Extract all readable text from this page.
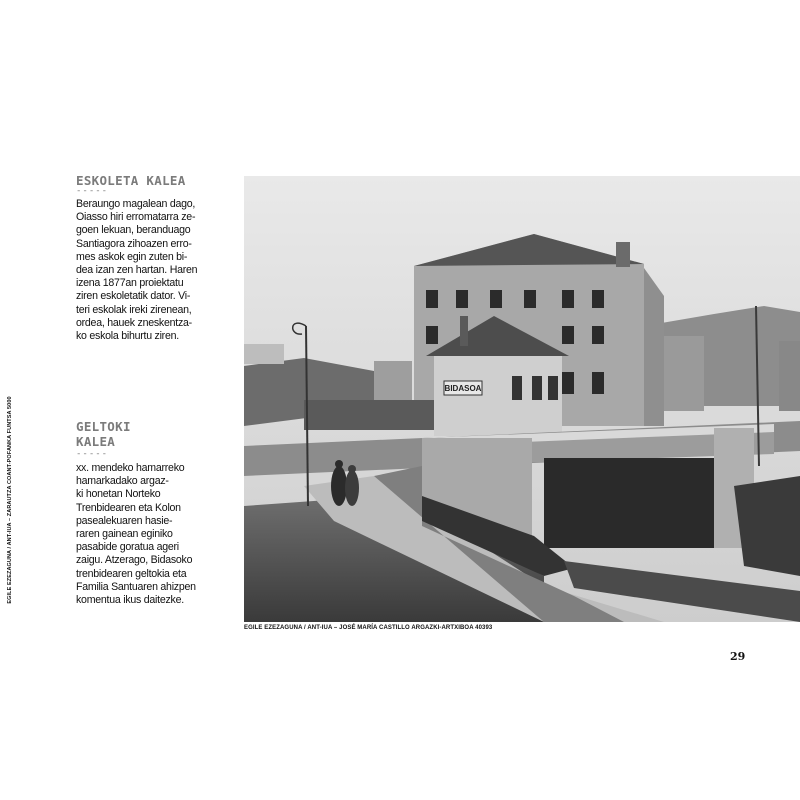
EGILE EZEZAGUNA / ANT-IUA – ZARAUTZA COANT-POFANKA FUNTSA 5000
ESKOLETA KALEA
-----

Beraungo magalean dago,
Oiasso hiri erromatarra ze-
goen lekuan, beranduago
Santiagora zihoazen erro-
mes askok egin zuten bi-
dea izan zen hartan. Haren
izena 1877an proiektatu
ziren eskoletatik dator. Vi-
teri eskolak ireki zirenean,
ordea, hauek zneskentza-
ko eskola bihurtu ziren.

GELTOKI KALEA
-----

xx. mendeko hamarreko
hamarkadako argaz-
ki honetan Norteko
Trenbidearen eta Kolon
pasealekuaren hasie-
raren gainean eginiko
pasabide goratua ageri
zaigu. Atzerago, Bidasoko
trenbidearen geltokia eta
Familia Santuaren ahizpen
komentua ikus daitezke.

BIDASOA
EGILE EZEZAGUNA / ANT-IUA – JOSÉ MARÍA CASTILLO ARGAZKI-ARTXIBOA 40393
29
